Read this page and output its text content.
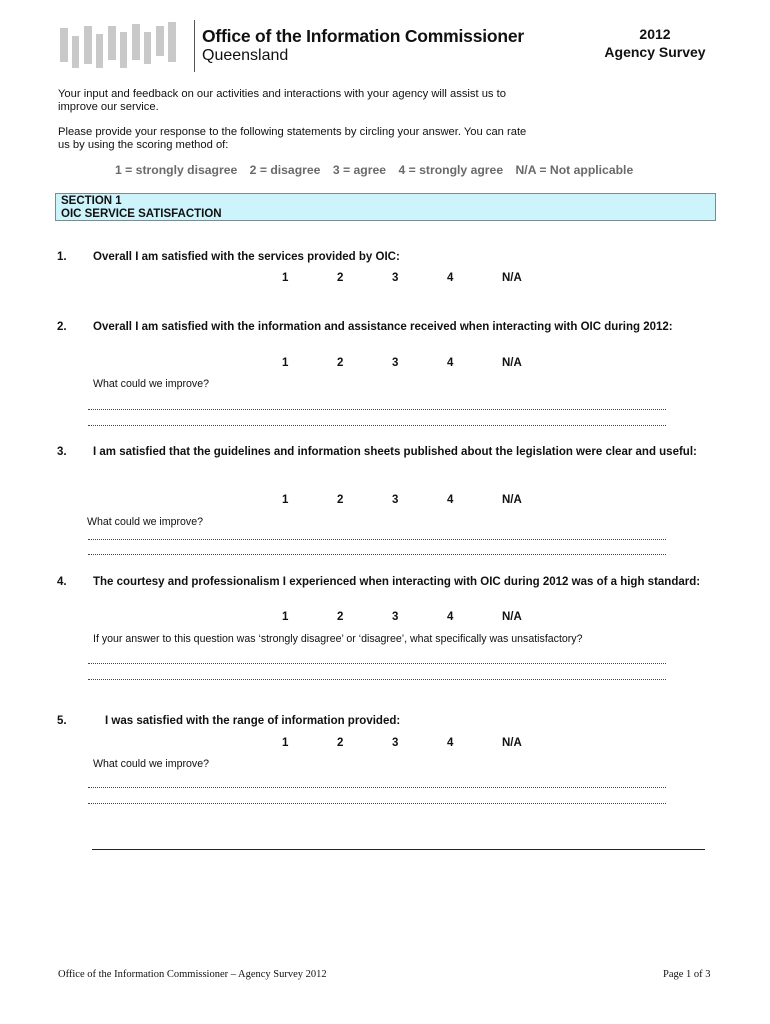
Office of the Information Commissioner
Queensland
2012
Agency Survey
Your input and feedback on our activities and interactions with your agency will assist us to improve our service.
Please provide your response to the following statements by circling your answer. You can rate us by using the scoring method of:
1 = strongly disagree 2 = disagree 3 = agree 4 = strongly agree N/A = Not applicable
SECTION 1
OIC SERVICE SATISFACTION
1. Overall I am satisfied with the services provided by OIC:
1	2	3	4	N/A
2. Overall I am satisfied with the information and assistance received when interacting with OIC during 2012:
1	2	3	4	N/A
What could we improve?
3. I am satisfied that the guidelines and information sheets published about the legislation were clear and useful:
1	2	3	4	N/A
What could we improve?
4. The courtesy and professionalism I experienced when interacting with OIC during 2012 was of a high standard:
1	2	3	4	N/A
If your answer to this question was ‘strongly disagree’ or ‘disagree’, what specifically was unsatisfactory?
5.	I was satisfied with the range of information provided:
1	2	3	4	N/A
What could we improve?
Office of the Information Commissioner – Agency Survey 2012	Page 1 of 3
